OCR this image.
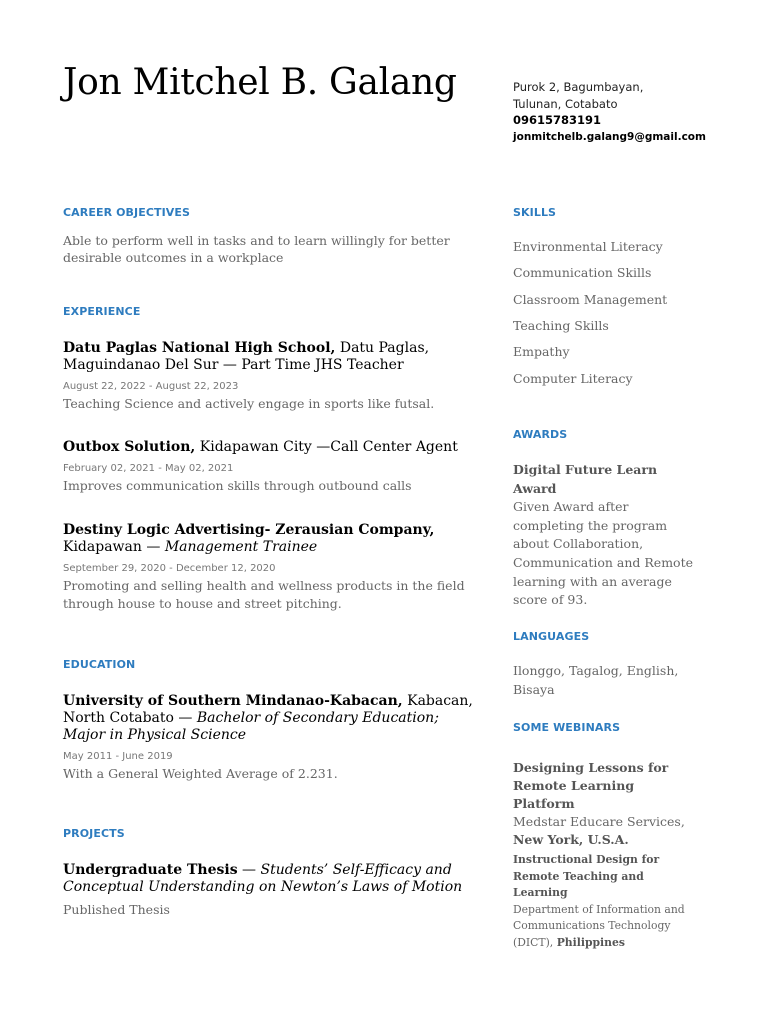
Jon Mitchel B. Galang	Purok 2, Bagumbayan,
Tulunan, Cotabato
09615783191
jonmitchelb.galang9@gmail.com
CAREER OBJECTIVES
Able to perform well in tasks and to learn willingly for better desirable outcomes in a workplace
EXPERIENCE
Datu Paglas National High School, Datu Paglas, Maguindanao Del Sur — Part Time JHS Teacher
August 22, 2022 - August 22, 2023
Teaching Science and actively engage in sports like futsal.
Outbox Solution, Kidapawan City —Call Center Agent
February 02, 2021 - May 02, 2021
Improves communication skills through outbound calls
Destiny Logic Advertising- Zerausian Company, Kidapawan — Management Trainee
September 29, 2020 - December 12, 2020
Promoting and selling health and wellness products in the field through house to house and street pitching.
EDUCATION
University of Southern Mindanao-Kabacan, Kabacan, North Cotabato — Bachelor of Secondary Education; Major in Physical Science
May 2011 - June 2019
With a General Weighted Average of 2.231.
PROJECTS
Undergraduate Thesis — Students’ Self-Efficacy and Conceptual Understanding on Newton’s Laws of Motion
Published Thesis
SKILLS
Environmental Literacy
Communication Skills
Classroom Management
Teaching Skills
Empathy
Computer Literacy
AWARDS
Digital Future Learn Award
Given Award after completing the program about Collaboration, Communication and Remote learning with an average score of 93.
LANGUAGES
Ilonggo, Tagalog, English, Bisaya
SOME WEBINARS
Designing Lessons for Remote Learning Platform
Medstar Educare Services, New York, U.S.A.
Instructional Design for Remote Teaching and Learning
Department of Information and Communications Technology (DICT), Philippines
